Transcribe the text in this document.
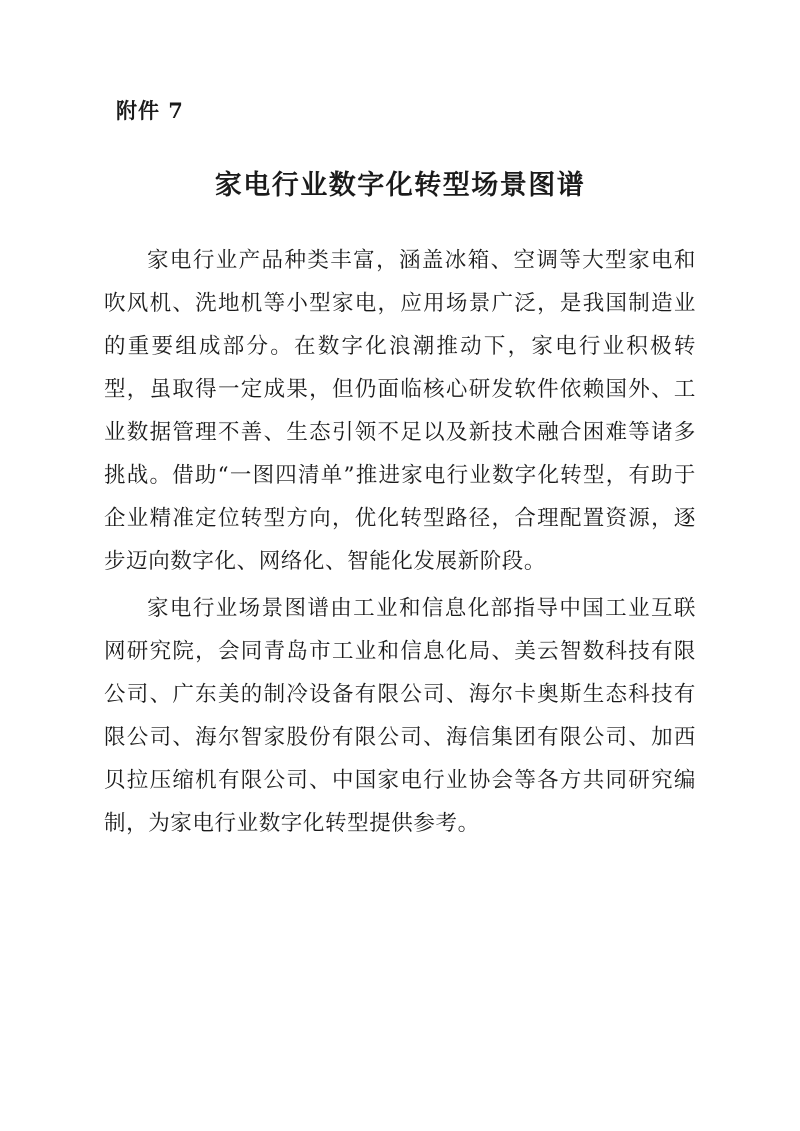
附件 7
家电行业数字化转型场景图谱

家电行业产品种类丰富，涵盖冰箱、空调等大型家电和吹风机、洗地机等小型家电，应用场景广泛，是我国制造业的重要组成部分。在数字化浪潮推动下，家电行业积极转型，虽取得一定成果，但仍面临核心研发软件依赖国外、工业数据管理不善、生态引领不足以及新技术融合困难等诸多挑战。借助“一图四清单”推进家电行业数字化转型，有助于企业精准定位转型方向，优化转型路径，合理配置资源，逐步迈向数字化、网络化、智能化发展新阶段。

家电行业场景图谱由工业和信息化部指导中国工业互联网研究院，会同青岛市工业和信息化局、美云智数科技有限公司、广东美的制冷设备有限公司、海尔卡奥斯生态科技有限公司、海尔智家股份有限公司、海信集团有限公司、加西贝拉压缩机有限公司、中国家电行业协会等各方共同研究编制，为家电行业数字化转型提供参考。
